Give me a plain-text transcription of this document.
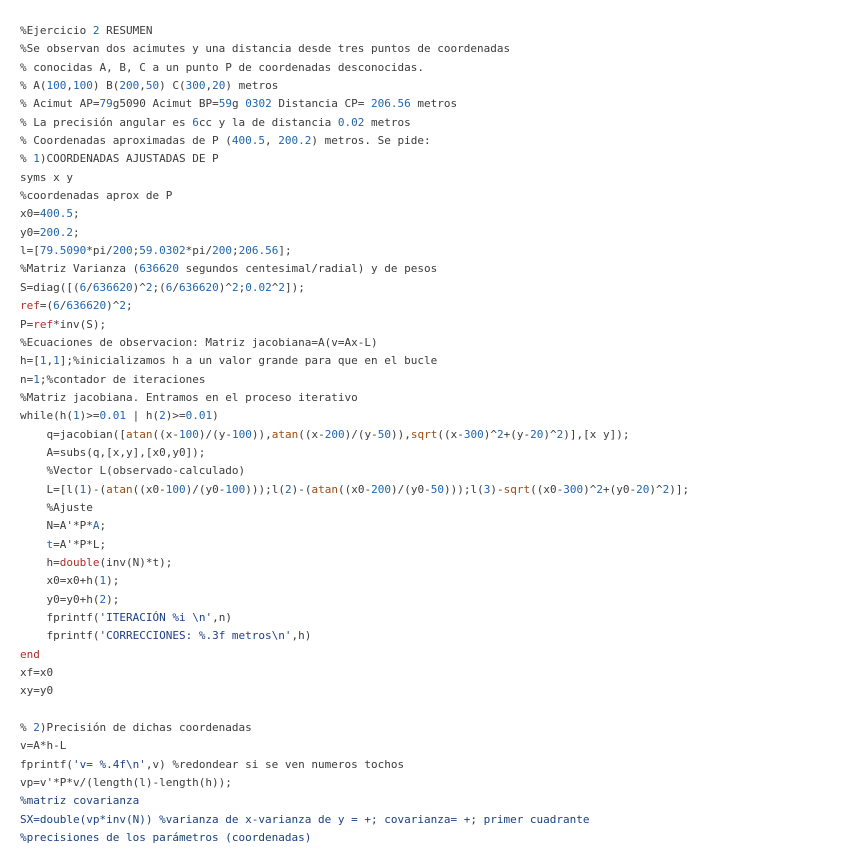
%Ejercicio 2 RESUMEN
%Se observan dos acimutes y una distancia desde tres puntos de coordenadas
% conocidas A, B, C a un punto P de coordenadas desconocidas.
% A(100,100) B(200,50) C(300,20) metros
% Acimut AP=79g5090 Acimut BP=59g 0302 Distancia CP= 206.56 metros
% La precisión angular es 6cc y la de distancia 0.02 metros
% Coordenadas aproximadas de P (400.5, 200.2) metros. Se pide:
% 1)COORDENADAS AJUSTADAS DE P
syms x y
%coordenadas aprox de P
x0=400.5;
y0=200.2;
l=[79.5090*pi/200;59.0302*pi/200;206.56];
%Matriz Varianza (636620 segundos centesimal/radial) y de pesos
S=diag([(6/636620)^2;(6/636620)^2;0.02^2]);
ref=(6/636620)^2;
P=ref*inv(S);
%Ecuaciones de observacion: Matriz jacobiana=A(v=Ax-L)
h=[1,1];%inicializamos h a un valor grande para que en el bucle
n=1;%contador de iteraciones
%Matriz jacobiana. Entramos en el proceso iterativo
while(h(1)>=0.01 | h(2)>=0.01)
q=jacobian([atan((x-100)/(y-100)),atan((x-200)/(y-50)),sqrt((x-300)^2+(y-20)^2)],[x y]);
A=subs(q,[x,y],[x0,y0]);
%Vector L(observado-calculado)
L=[l(1)-(atan((x0-100)/(y0-100)));l(2)-(atan((x0-200)/(y0-50)));l(3)-sqrt((x0-300)^2+(y0-20)^2)];
%Ajuste
N=A'*P*A;
t=A'*P*L;
h=double(inv(N)*t);
x0=x0+h(1);
y0=y0+h(2);
fprintf('ITERACIÓN %i \n',n)
fprintf('CORRECCIONES: %.3f metros\n',h)
end
xf=x0
xy=y0
% 2)Precisión de dichas coordenadas
v=A*h-L
fprintf('v= %.4f\n',v) %redondear si se ven numeros tochos
vp=v'*P*v/(length(l)-length(h));
%matriz covarianza
SX=double(vp*inv(N)) %varianza de x-varianza de y = +; covarianza= +; primer cuadrante
%precisiones de los parámetros (coordenadas)
